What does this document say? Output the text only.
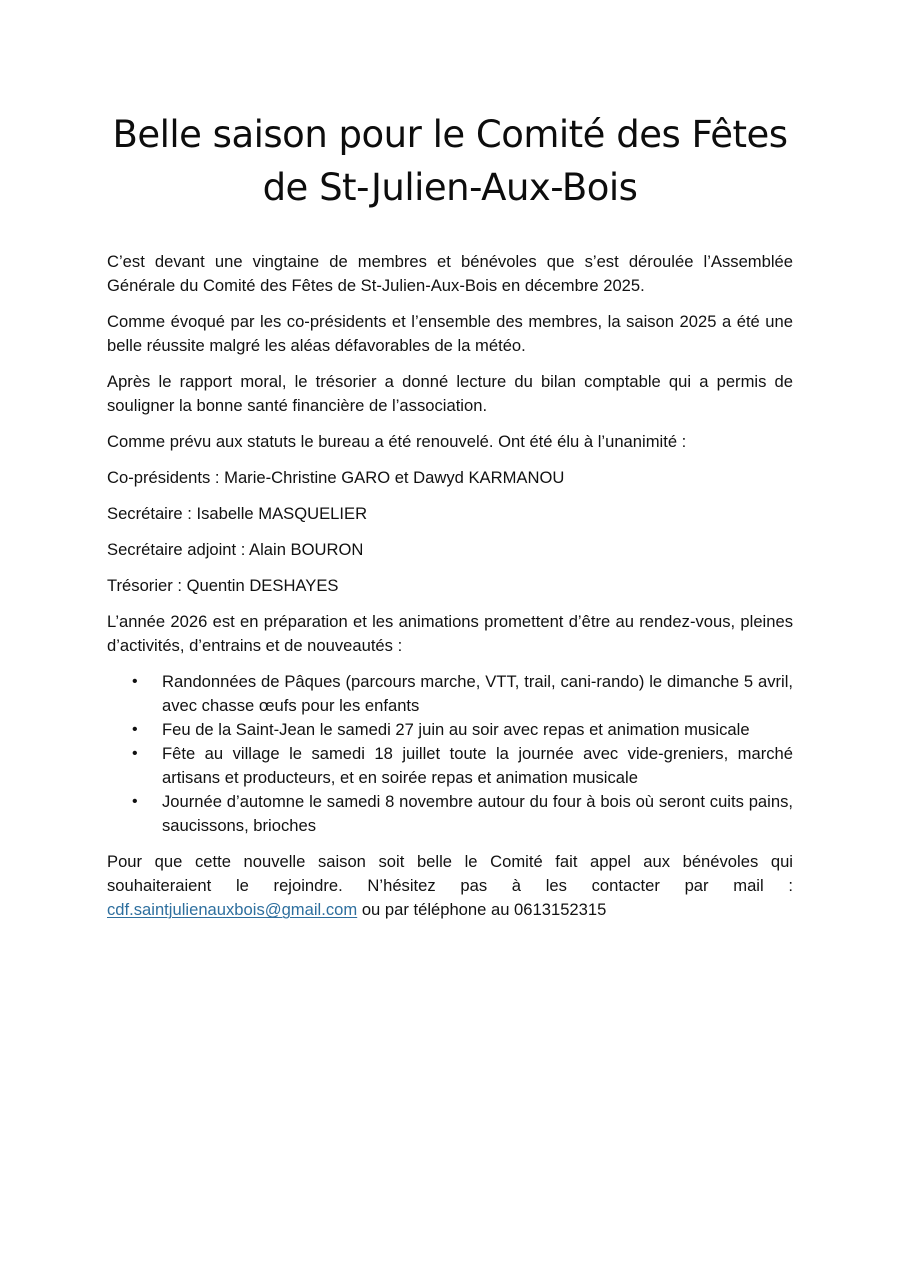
Belle saison pour le Comité des Fêtes de St-Julien-Aux-Bois

C’est devant une vingtaine de membres et bénévoles que s’est déroulée l’Assemblée Générale du Comité des Fêtes de St-Julien-Aux-Bois en décembre 2025.

Comme évoqué par les co-présidents et l’ensemble des membres, la saison 2025 a été une belle réussite malgré les aléas défavorables de la météo.

Après le rapport moral, le trésorier a donné lecture du bilan comptable qui a permis de souligner la bonne santé financière de l’association.

Comme prévu aux statuts le bureau a été renouvelé. Ont été élu à l’unanimité :

Co-présidents : Marie-Christine GARO et Dawyd KARMANOU

Secrétaire : Isabelle MASQUELIER

Secrétaire adjoint : Alain BOURON

Trésorier : Quentin DESHAYES

L’année 2026 est en préparation et les animations promettent d’être au rendez-vous, pleines d’activités, d’entrains et de nouveautés :

• Randonnées de Pâques (parcours marche, VTT, trail, cani-rando) le dimanche 5 avril, avec chasse œufs pour les enfants
• Feu de la Saint-Jean le samedi 27 juin au soir avec repas et animation musicale
• Fête au village le samedi 18 juillet toute la journée avec vide-greniers, marché artisans et producteurs, et en soirée repas et animation musicale
• Journée d’automne le samedi 8 novembre autour du four à bois où seront cuits pains, saucissons, brioches

Pour que cette nouvelle saison soit belle le Comité fait appel aux bénévoles qui souhaiteraient le rejoindre. N’hésitez pas à les contacter par mail : cdf.saintjulienauxbois@gmail.com ou par téléphone au 0613152315
